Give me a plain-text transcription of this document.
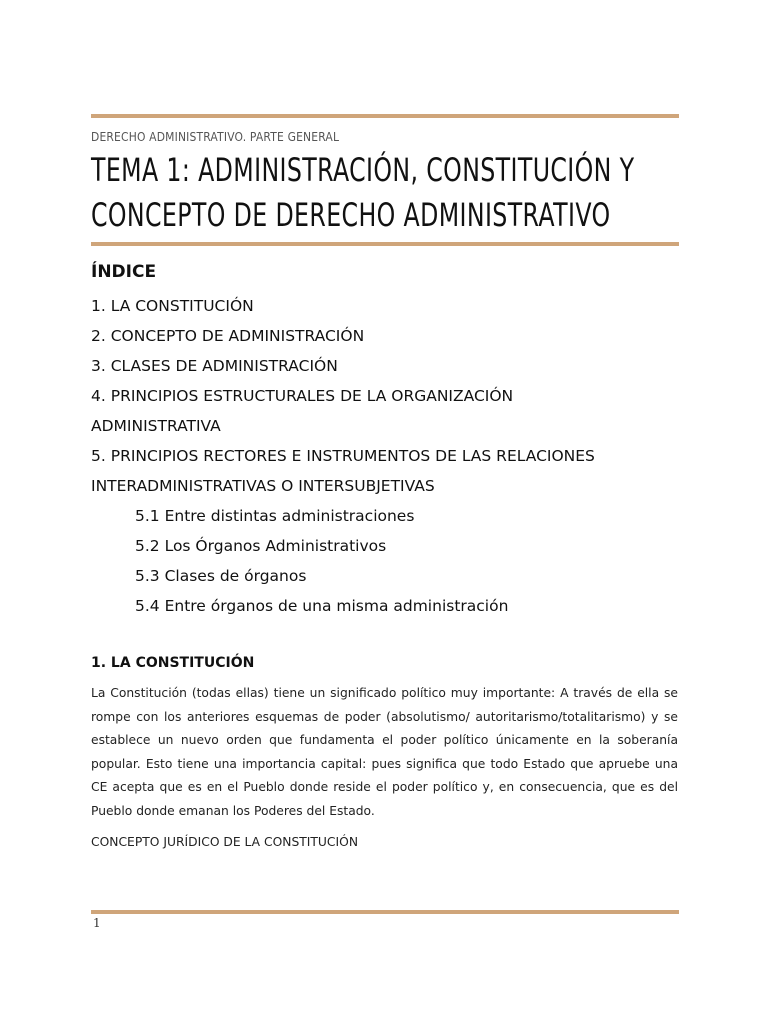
DERECHO ADMINISTRATIVO. PARTE GENERAL
TEMA 1: ADMINISTRACIÓN, CONSTITUCIÓN Y
CONCEPTO DE DERECHO ADMINISTRATIVO
ÍNDICE
1. LA CONSTITUCIÓN
2. CONCEPTO DE ADMINISTRACIÓN
3. CLASES DE ADMINISTRACIÓN
4. PRINCIPIOS ESTRUCTURALES DE LA ORGANIZACIÓN
ADMINISTRATIVA
5. PRINCIPIOS RECTORES E INSTRUMENTOS DE LAS RELACIONES
INTERADMINISTRATIVAS O INTERSUBJETIVAS
5.1 Entre distintas administraciones
5.2 Los Órganos Administrativos
5.3 Clases de órganos
5.4 Entre órganos de una misma administración
1. LA CONSTITUCIÓN
La Constitución (todas ellas) tiene un significado político muy importante: A través de ella se rompe con los anteriores esquemas de poder (absolutismo/ autoritarismo/totalitarismo) y se establece un nuevo orden que fundamenta el poder político únicamente en la soberanía popular. Esto tiene una importancia capital: pues significa que todo Estado que apruebe una CE acepta que es en el Pueblo donde reside el poder político y, en consecuencia, que es del Pueblo donde emanan los Poderes del Estado.
CONCEPTO JURÍDICO DE LA CONSTITUCIÓN
1
